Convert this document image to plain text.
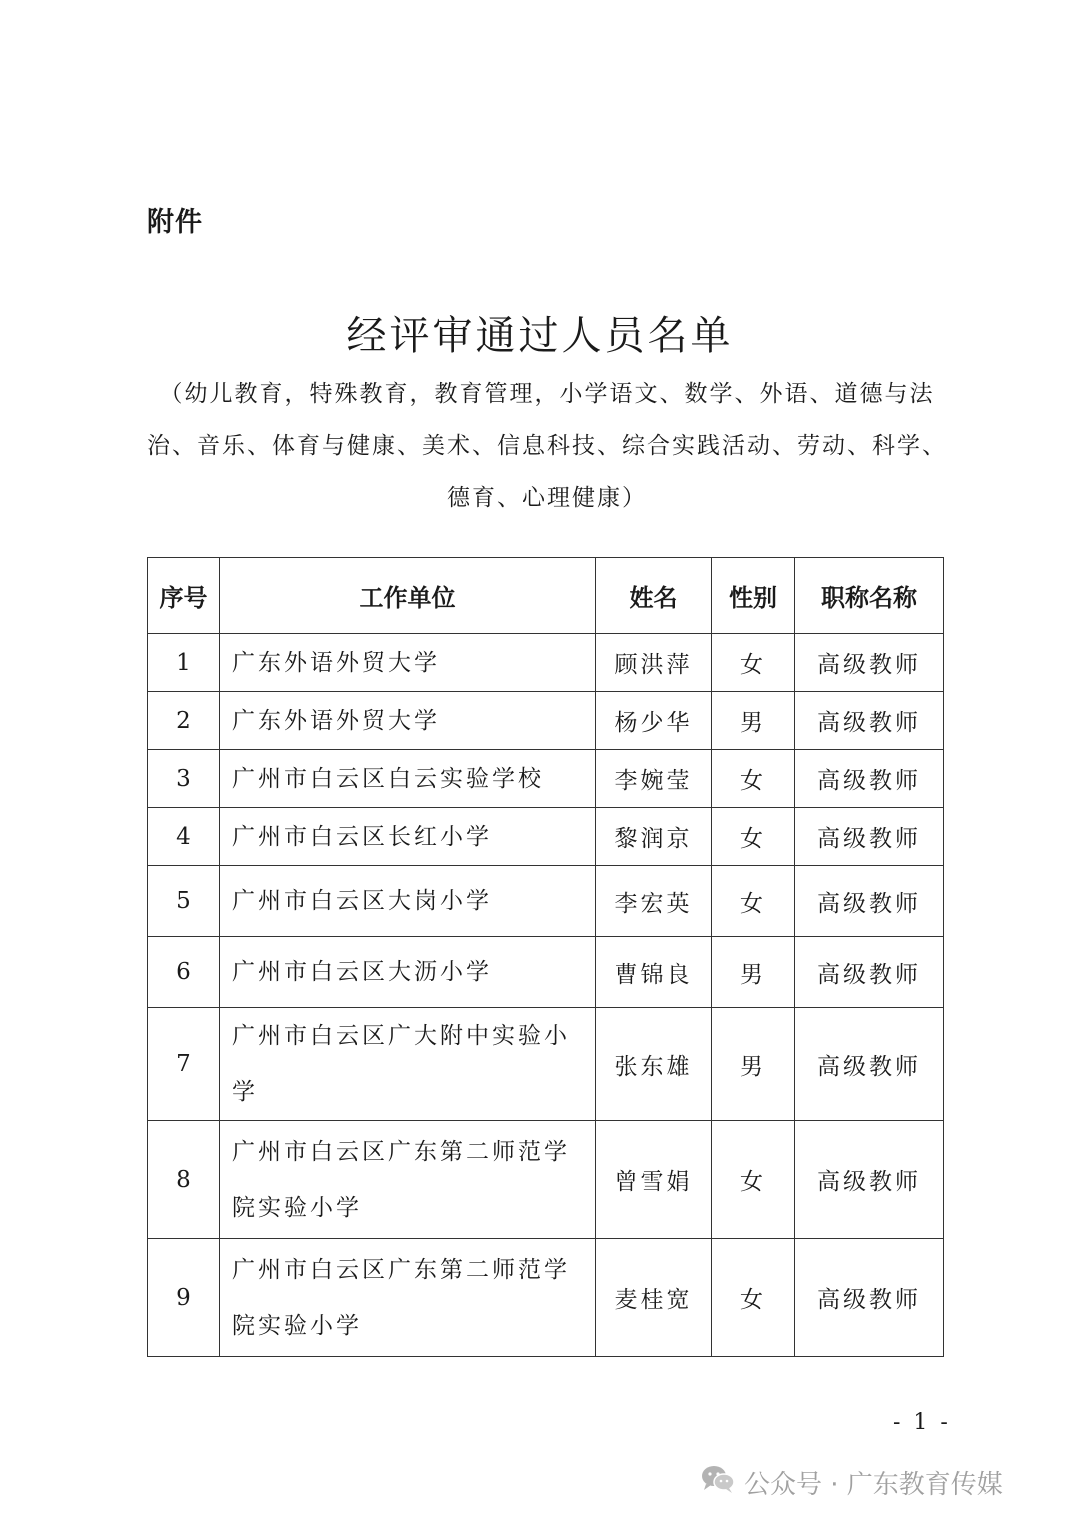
附件
经评审通过人员名单
（幼儿教育，特殊教育，教育管理，小学语文、数学、外语、道德与法治、音乐、体育与健康、美术、信息科技、综合实践活动、劳动、科学、德育、心理健康）
序号	工作单位	姓名	性别	职称名称
1	广东外语外贸大学	顾洪萍	女	高级教师
2	广东外语外贸大学	杨少华	男	高级教师
3	广州市白云区白云实验学校	李婉莹	女	高级教师
4	广州市白云区长红小学	黎润京	女	高级教师
5	广州市白云区大岗小学	李宏英	女	高级教师
6	广州市白云区大沥小学	曹锦良	男	高级教师
7	广州市白云区广大附中实验小学	张东雄	男	高级教师
8	广州市白云区广东第二师范学院实验小学	曾雪娟	女	高级教师
9	广州市白云区广东第二师范学院实验小学	麦桂宽	女	高级教师
- 1 -
公众号 · 广东教育传媒
